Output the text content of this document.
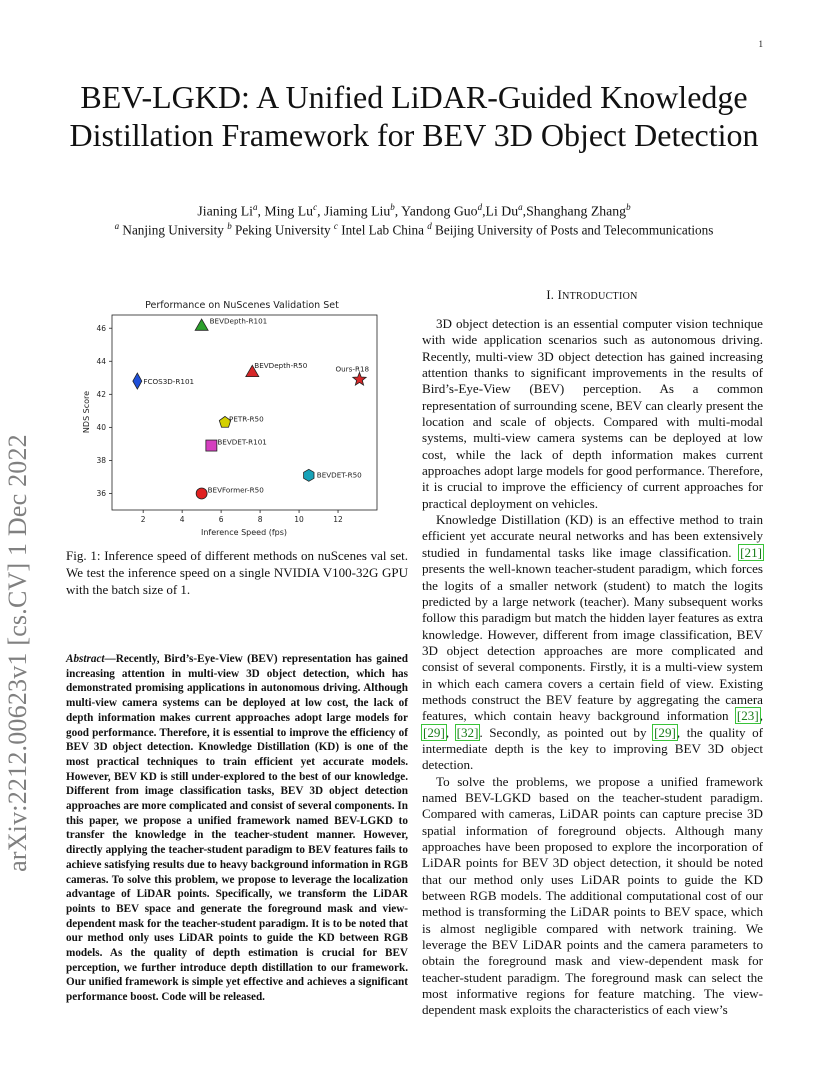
1
BEV-LGKD: A Unified LiDAR-Guided Knowledge Distillation Framework for BEV 3D Object Detection
Jianing Li$^a$, Ming Lu$^c$, Jiaming Liu$^b$, Yandong Guo$^d$,Li Du$^a$,Shanghang Zhang$^b$
$^a$ Nanjing University $^b$ Peking University $^c$ Intel Lab China $^d$ Beijing University of Posts and Telecommunications
arXiv:2212.00623v1 [cs.CV] 1 Dec 2022
Performance on NuScenes Validation Set
2	4	6	8	10	12
36
38
40
42
44
46
BEVDepth-R101
FCOS3D-R101
BEVDepth-R50	Ours-R18
PETR-R50
BEVDET-R101
BEVDET-R50
BEVFormer-R50
Inference Speed (fps)
NDS Score
Fig. 1: Inference speed of different methods on nuScenes val set. We test the inference speed on a single NVIDIA V100-32G GPU with the batch size of 1.
Abstract—Recently, Bird’s-Eye-View (BEV) representation has gained increasing attention in multi-view 3D object detection, which has demonstrated promising applications in autonomous driving. Although multi-view camera systems can be deployed at low cost, the lack of depth information makes current approaches adopt large models for good performance. Therefore, it is essential to improve the efficiency of BEV 3D object detection. Knowledge Distillation (KD) is one of the most practical techniques to train efficient yet accurate models. However, BEV KD is still under-explored to the best of our knowledge. Different from image classification tasks, BEV 3D object detection approaches are more complicated and consist of several components. In this paper, we propose a unified framework named BEV-LGKD to transfer the knowledge in the teacher-student manner. However, directly applying the teacher-student paradigm to BEV features fails to achieve satisfying results due to heavy background information in RGB cameras. To solve this problem, we propose to leverage the localization advantage of LiDAR points. Specifically, we transform the LiDAR points to BEV space and generate the foreground mask and view-dependent mask for the teacher-student paradigm. It is to be noted that our method only uses LiDAR points to guide the KD between RGB models. As the quality of depth estimation is crucial for BEV perception, we further introduce depth distillation to our framework. Our unified framework is simple yet effective and achieves a significant performance boost. Code will be released.
I. INTRODUCTION

3D object detection is an essential computer vision technique with wide application scenarios such as autonomous driving. Recently, multi-view 3D object detection has gained increasing attention thanks to significant improvements in the results of Bird’s-Eye-View (BEV) perception. As a common representation of surrounding scene, BEV can clearly present the location and scale of objects. Compared with multi-modal systems, multi-view camera systems can be deployed at low cost, while the lack of depth information makes current approaches adopt large models for good performance. Therefore, it is crucial to improve the efficiency of current approaches for practical deployment on vehicles.

Knowledge Distillation (KD) is an effective method to train efficient yet accurate neural networks and has been extensively studied in fundamental tasks like image classification. [21] presents the well-known teacher-student paradigm, which forces the logits of a smaller network (student) to match the logits predicted by a large network (teacher). Many subsequent works follow this paradigm but match the hidden layer features as extra knowledge. However, different from image classification, BEV 3D object detection approaches are more complicated and consist of several components. Firstly, it is a multi-view system in which each camera covers a certain field of view. Existing methods construct the BEV feature by aggregating the camera features, which contain heavy background information [23], [29], [32]. Secondly, as pointed out by [29], the quality of intermediate depth is the key to improving BEV 3D object detection.

To solve the problems, we propose a unified framework named BEV-LGKD based on the teacher-student paradigm. Compared with cameras, LiDAR points can capture precise 3D spatial information of foreground objects. Although many approaches have been proposed to explore the incorporation of LiDAR points for BEV 3D object detection, it should be noted that our method only uses LiDAR points to guide the KD between RGB models. The additional computational cost of our method is transforming the LiDAR points to BEV space, which is almost negligible compared with network training. We leverage the BEV LiDAR points and the camera parameters to obtain the foreground mask and view-dependent mask for teacher-student paradigm. The foreground mask can select the most informative regions for feature matching. The view-dependent mask exploits the characteristics of each view’s
